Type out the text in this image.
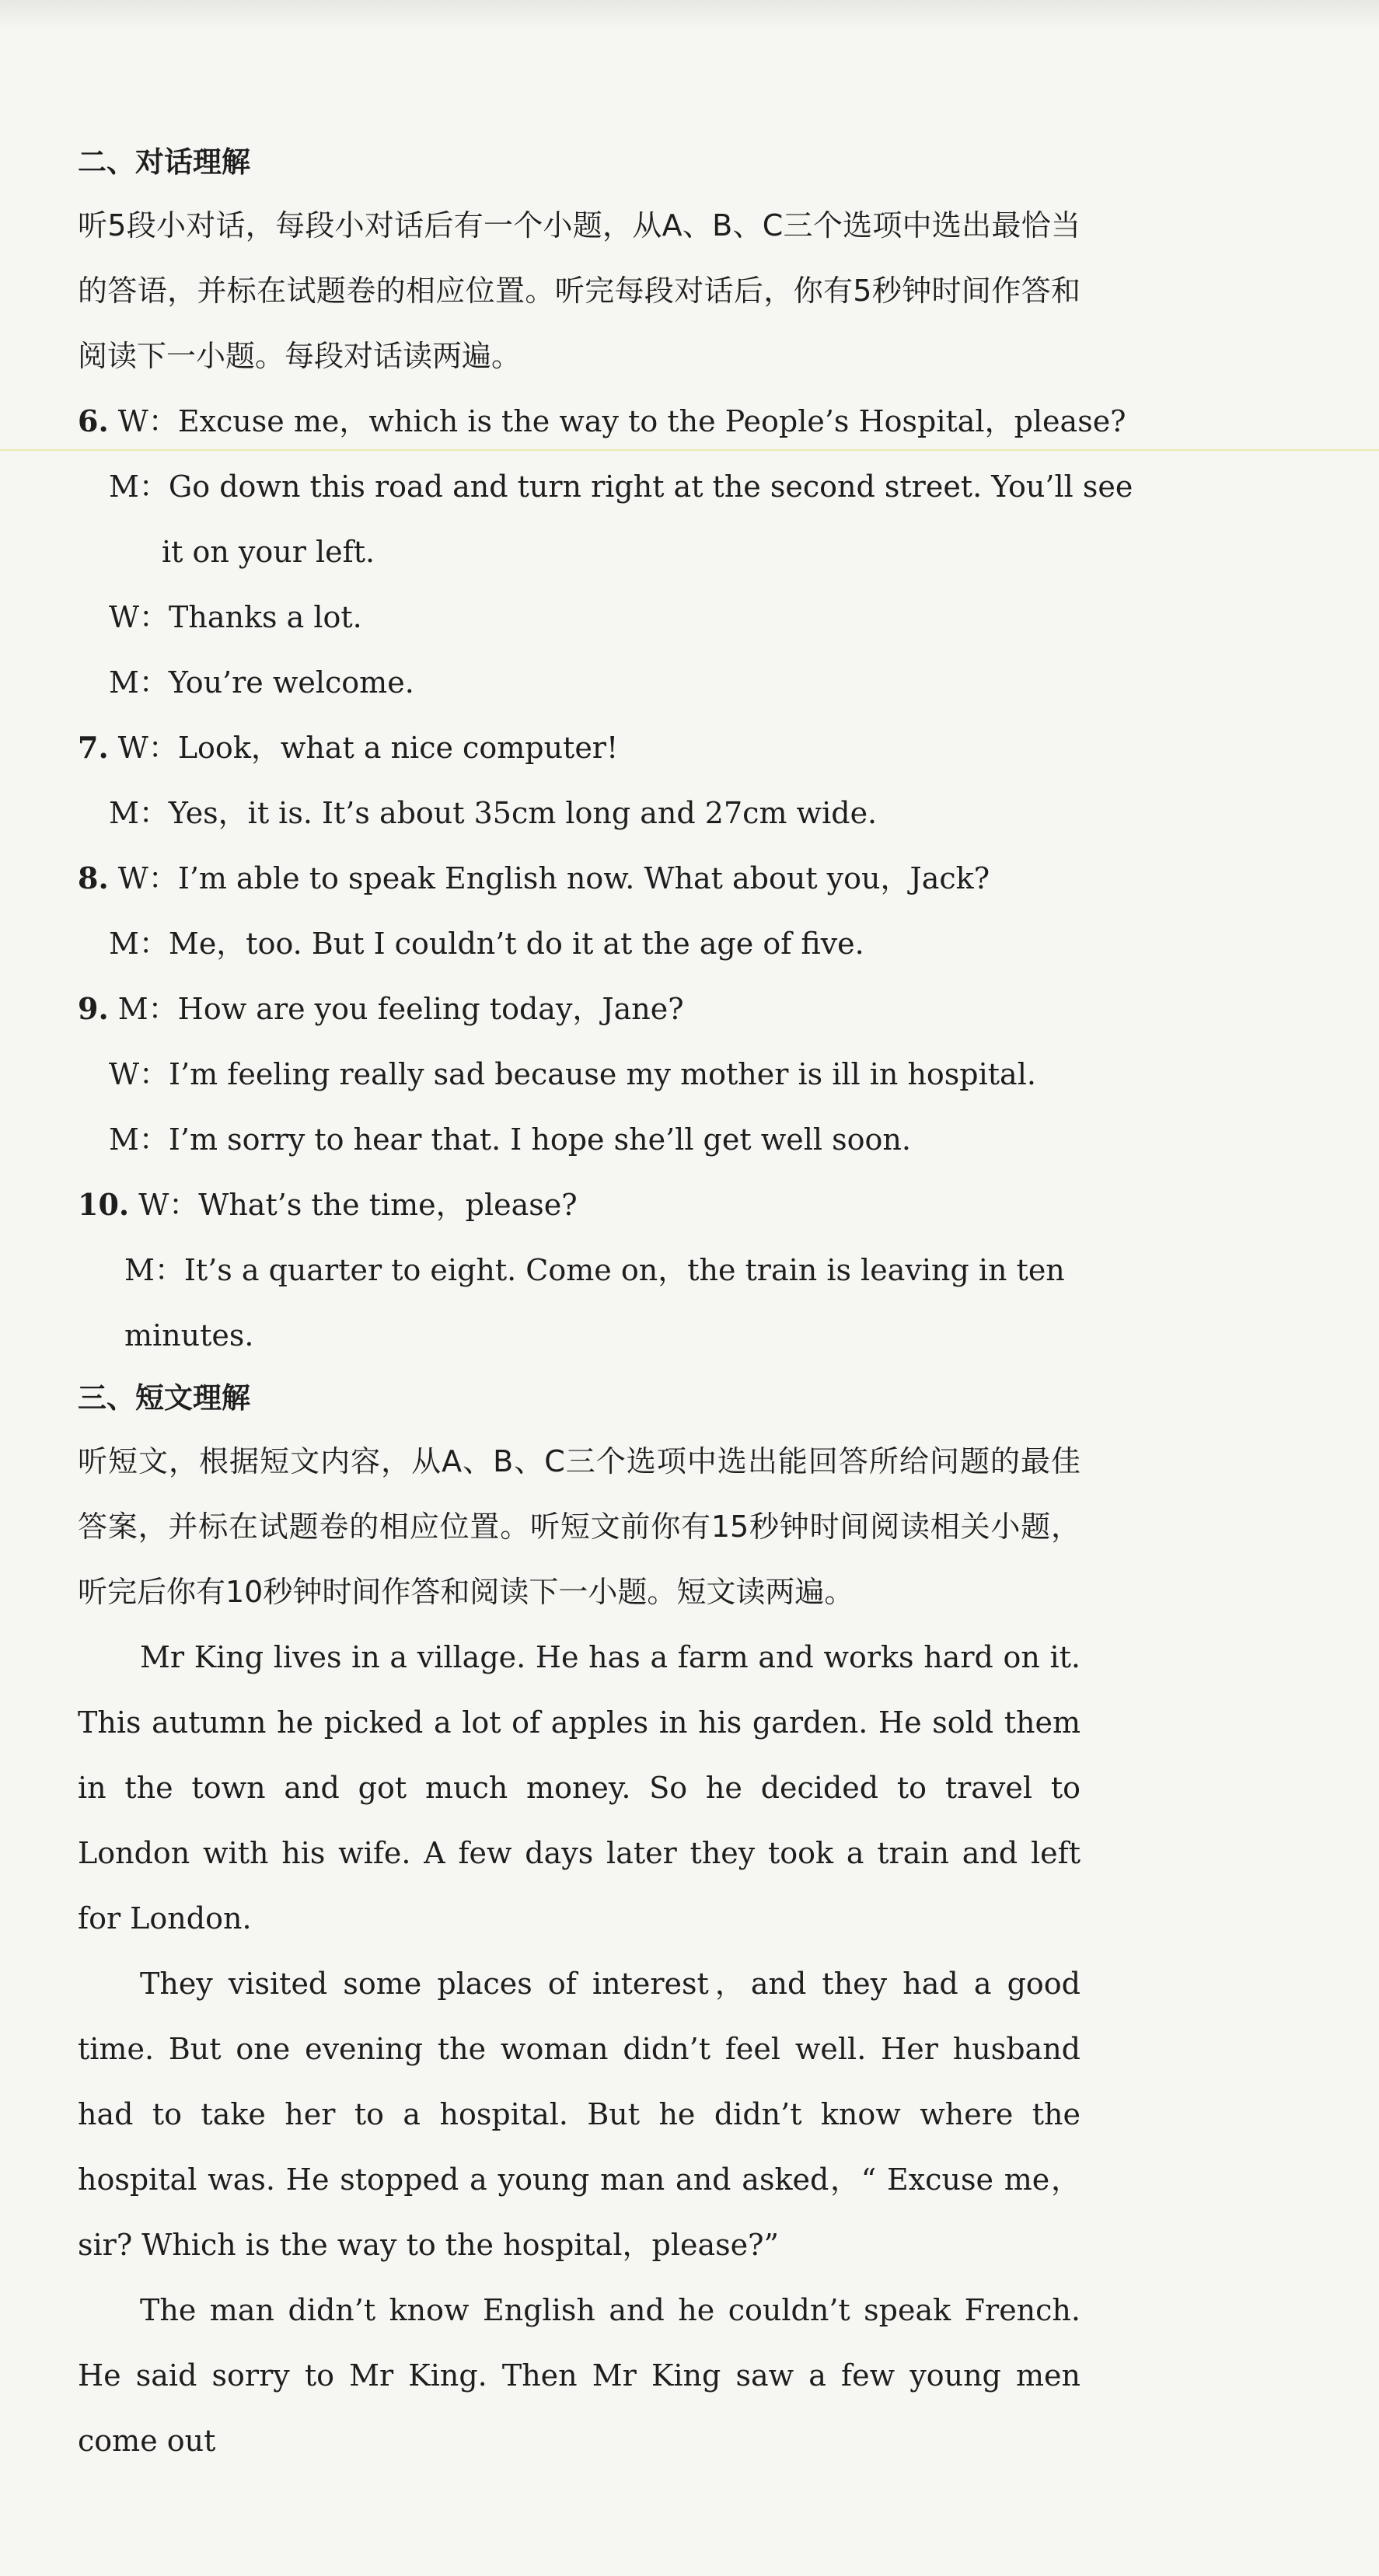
二、对话理解

听5段小对话，每段小对话后有一个小题，从A、B、C三个选项中选出最恰当的答语，并标在试题卷的相应位置。听完每段对话后，你有5秒钟时间作答和阅读下一小题。每段对话读两遍。

6. W：Excuse me，which is the way to the People’s Hospital，please?

M：Go down this road and turn right at the second street. You’ll see

it on your left.

W：Thanks a lot.

M：You’re welcome.

7. W：Look，what a nice computer!

M：Yes，it is. It’s about 35cm long and 27cm wide.

8. W：I’m able to speak English now. What about you，Jack?

M：Me，too. But I couldn’t do it at the age of five.

9. M：How are you feeling today，Jane?

W：I’m feeling really sad because my mother is ill in hospital.

M：I’m sorry to hear that. I hope she’ll get well soon.

10. W：What’s the time，please?

M：It’s a quarter to eight. Come on，the train is leaving in ten minutes.

三、短文理解

听短文，根据短文内容，从A、B、C三个选项中选出能回答所给问题的最佳答案，并标在试题卷的相应位置。听短文前你有15秒钟时间阅读相关小题，听完后你有10秒钟时间作答和阅读下一小题。短文读两遍。

Mr King lives in a village. He has a farm and works hard on it. This autumn he picked a lot of apples in his garden. He sold them in the town and got much money. So he decided to travel to London with his wife. A few days later they took a train and left for London.

They visited some places of interest，and they had a good time. But one evening the woman didn’t feel well. Her husband had to take her to a hospital. But he didn’t know where the hospital was. He stopped a young man and asked，“ Excuse me，sir? Which is the way to the hospital，please?”

The man didn’t know English and he couldn’t speak French. He said sorry to Mr King. Then Mr King saw a few young men come out
